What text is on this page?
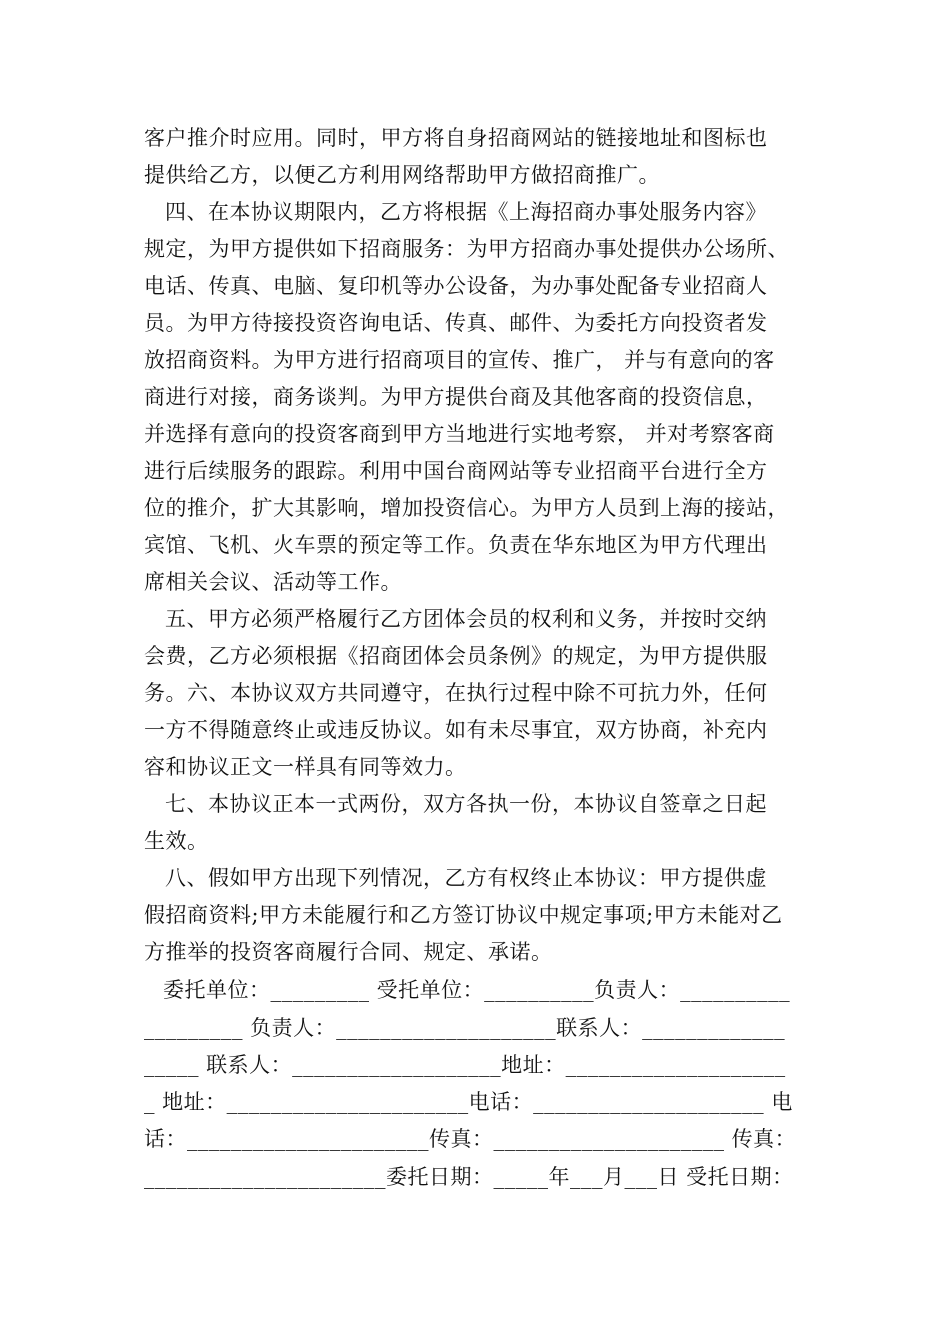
客户推介时应用。同时，甲方将自身招商网站的链接地址和图标也
提供给乙方，以便乙方利用网络帮助甲方做招商推广。
四、在本协议期限内，乙方将根据《上海招商办事处服务内容》
规定，为甲方提供如下招商服务：为甲方招商办事处提供办公场所、
电话、传真、电脑、复印机等办公设备，为办事处配备专业招商人
员。为甲方待接投资咨询电话、传真、邮件、为委托方向投资者发
放招商资料。为甲方进行招商项目的宣传、推广， 并与有意向的客
商进行对接，商务谈判。为甲方提供台商及其他客商的投资信息，
并选择有意向的投资客商到甲方当地进行实地考察， 并对考察客商
进行后续服务的跟踪。利用中国台商网站等专业招商平台进行全方
位的推介，扩大其影响，增加投资信心。为甲方人员到上海的接站，
宾馆、飞机、火车票的预定等工作。负责在华东地区为甲方代理出
席相关会议、活动等工作。
五、甲方必须严格履行乙方团体会员的权利和义务，并按时交纳
会费，乙方必须根据《招商团体会员条例》的规定，为甲方提供服
务。六、本协议双方共同遵守，在执行过程中除不可抗力外，任何
一方不得随意终止或违反协议。如有未尽事宜，双方协商，补充内
容和协议正文一样具有同等效力。
七、本协议正本一式两份，双方各执一份，本协议自签章之日起
生效。
八、假如甲方出现下列情况，乙方有权终止本协议：甲方提供虚
假招商资料;甲方未能履行和乙方签订协议中规定事项;甲方未能对乙
方推举的投资客商履行合同、规定、承诺。
委托单位：_________ 受托单位：__________负责人：__________
_________ 负责人：____________________联系人：_____________
_____ 联系人：___________________地址：____________________
_ 地址：______________________电话：_____________________ 电
话：______________________传真：_____________________ 传真：
______________________委托日期：_____年___月___日 受托日期：
